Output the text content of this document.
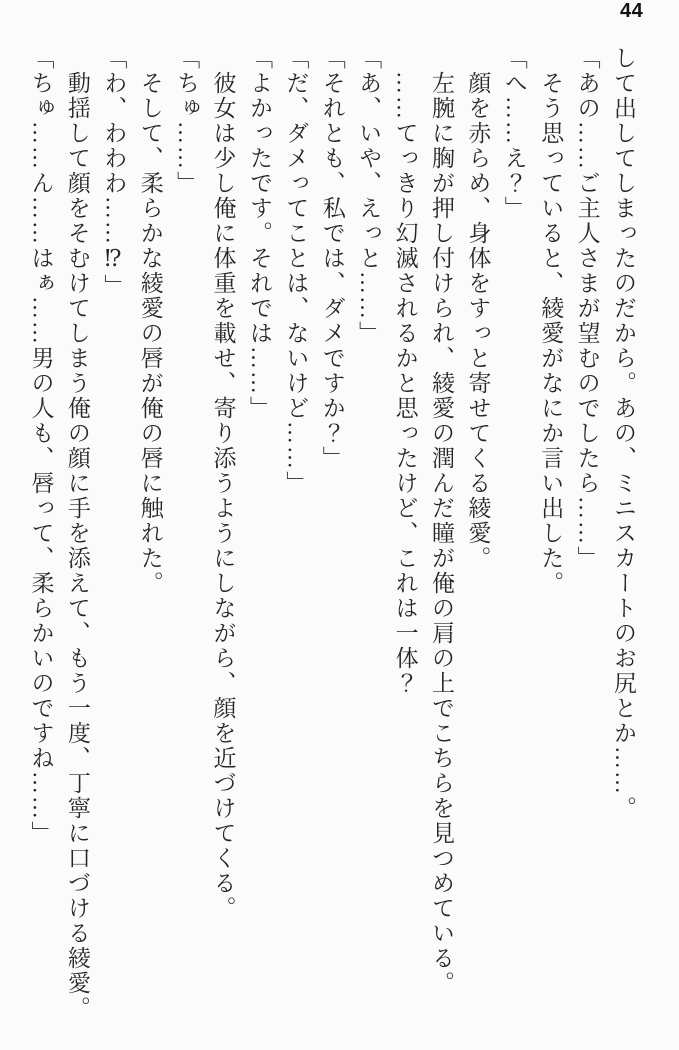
44

して出してしまったのだから。あの、ミニスカートのお尻とか……。

「あの……ご主人さまが望むのでしたら……」

　そう思っていると、綾愛がなにか言い出した。

「へ……え？」

　顔を赤らめ、身体をすっと寄せてくる綾愛。

　左腕に胸が押し付けられ、綾愛の潤んだ瞳が俺の肩の上でこちらを見つめている。

　……てっきり幻滅されるかと思ったけど、これは一体？

「あ、いや、えっと……」

「それとも、私では、ダメですか？」

「だ、ダメってことは、ないけど……」

「よかったです。それでは……」

　彼女は少し俺に体重を載せ、寄り添うようにしながら、顔を近づけてくる。

「ちゅ……」

　そして、柔らかな綾愛の唇が俺の唇に触れた。

「わ、わわわ……⁉」

　動揺して顔をそむけてしまう俺の顔に手を添えて、もう一度、丁寧に口づける綾愛。

「ちゅ……ん……はぁ……男の人も、唇って、柔らかいのですね……」
